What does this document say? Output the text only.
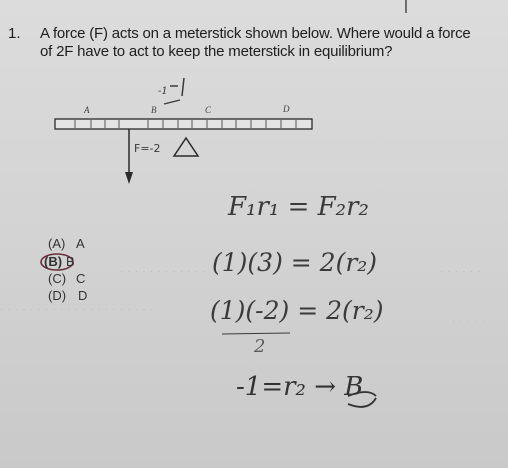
1. A force (F) acts on a meterstick shown below. Where would a force
of 2F have to act to keep the meterstick in equilibrium?
· · · · · · · · · · · ·
· · · · · · · · · · · · · · · · · · · · ·
· · · · · ·
· · · · ·
A	B	C	D
-1
F=-2
(A) A
(B) B
(C) C
(D) D
F₁r₁ = F₂r₂
(1)(3) = 2(r₂)
(1)(-2) = 2(r₂)
2
-1=r₂ → B
